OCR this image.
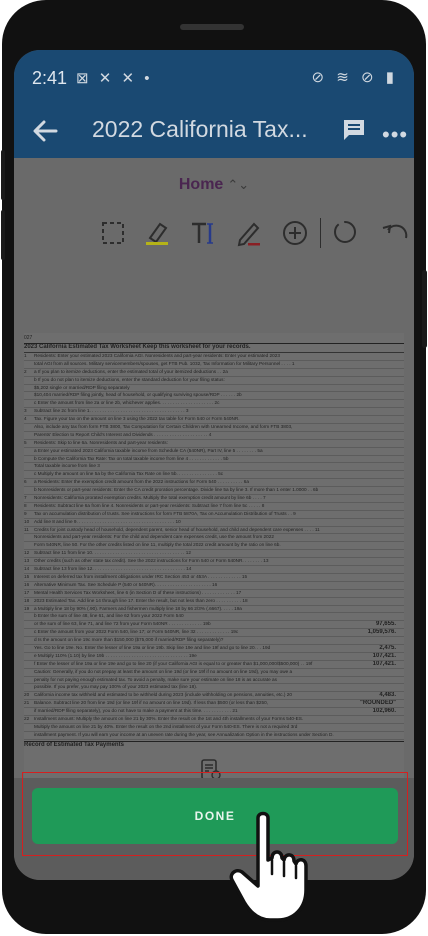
2:41 ⊠ ✕ ✕ •	⊘ ≋ ⊘ ▮
2022 California Tax...	•••
Home ⌃⌄
027
2023 California Estimated Tax Worksheet Keep this worksheet for your records.
1 Residents: Enter your estimated 2023 California AGI. Nonresidents and part-year residents: Enter your estimated 2023
total AGI from all sources. Military servicemembers/spouses, get FTB Pub. 1032, Tax Information for Military Personnel . . . . 1
2 a If you plan to itemize deductions, enter the estimated total of your itemized deductions . . 2a
b If you do not plan to itemize deductions, enter the standard deduction for your filing status:
$5,202 single or married/RDP filing separately
$10,404 married/RDP filing jointly, head of household, or qualifying surviving spouse/RDP . . . . . . 2b
c Enter the amount from line 2a or line 2b, whichever applies. . . . . . . . . . . . . . . . . . . . . 2c
3 Subtract line 2c from line 1. . . . . . . . . . . . . . . . . . . . . . . . . . . . . . . . . . . . . 3
4 Tax. Figure your tax on the amount on line 3 using the 2022 tax table for Form 540 or Form 540NR.
Also, include any tax from form FTB 3800, Tax Computation for Certain Children with Unearned Income, and form FTB 3803,
Parents' Election to Report Child's Interest and Dividends . . . . . . . . . . . . . . . . . . . . . 4
5 Residents: Skip to line 6a. Nonresidents and part-year residents:
a Enter your estimated 2023 California taxable income from Schedule CA (540NR), Part IV, line 5 . . . . . . . . 5a
b Compute the California Tax Rate: Tax on total taxable income from line 4 . . . . . . . . . . . . . 5b
Total taxable income from line 3
c Multiply the amount on line 5a by the California Tax Rate on line 5b. . . . . . . . . . . . . . . . 5c
6 a Residents: Enter the exemption credit amount from the 2022 instructions for Form 540 . . . . . . . . . . 6a
b Nonresidents or part-year residents: Enter the CA credit proration percentage. Divide line 5a by line 3. If more than 1 enter 1.0000 . . 6b
7 Nonresidents: California prorated exemption credits. Multiply the total exemption credit amount by line 6b . . . . 7
8 Residents: Subtract line 6a from line 4. Nonresidents or part-year residents: Subtract line 7 from line 5c . . . . . 8
9 Tax on accumulation distribution of trusts. See instructions for form FTB 5870A, Tax on Accumulation Distribution of Trusts . . 9
10 Add line 8 and line 9. . . . . . . . . . . . . . . . . . . . . . . . . . . . . . . . . . . . . . 10
11 Credits for joint custody head of household, dependent parent, senior head of household, and child and dependent care expenses . . . . 11
Nonresidents and part-year residents: For the child and dependent care expenses credit, use the amount from 2022
Form 540NR, line 50. For the other credits listed on line 11, multiply the total 2022 credit amount by the ratio on line 6b.
12 Subtract line 11 from line 10. . . . . . . . . . . . . . . . . . . . . . . . . . . . . . . . . . . . 12
13 Other credits (such as other state tax credit). See the 2022 instructions for Form 540 or Form 540NR. . . . . . . . 13
14 Subtract line 13 from line 12. . . . . . . . . . . . . . . . . . . . . . . . . . . . . . . . . . . . 14
15 Interest on deferred tax from installment obligations under IRC Section 453 or 453A . . . . . . . . . . . . . 15
16 Alternative Minimum Tax. See Schedule P (540 or 540NR). . . . . . . . . . . . . . . . . . . . . . 16
17 Mental Health Services Tax Worksheet, line 6 (in Section D of these instructions) . . . . . . . . . . . . . 17
18 2023 Estimated Tax. Add line 14 through line 17. Enter the result, but not less than zero . . . . . . . . . . 18
19 a Multiply line 18 by 90% (.90). Farmers and fishermen multiply line 18 by 66 2/3% (.6667). . . . . 19a
b Enter the sum of line 48, line 61, and line 62 from your 2022 Form 540
or the sum of line 63, line 71, and line 72 from your Form 540NR . . . . . . . . . . . . . 19b	97,655.
c Enter the amount from your 2022 Form 540, line 17; or Form 540NR, line 32 . . . . . . . . . . . . . 19c	1,059,576.
d Is the amount on line 19c more than $150,000 ($75,000 if married/RDP filing separately)?
Yes. Go to line 19e. No. Enter the lesser of line 19a or line 19b. Skip line 19e and line 19f and go to line 20. . . 19d	2,475.
e Multiply 110% (1.10) by line 19b . . . . . . . . . . . . . . . . . . . . . . . . . . . . . . . . 19e	107,421.
f Enter the lesser of line 19a or line 19e and go to line 20 (if your California AGI is equal to or greater than $1,000,000/$500,000) . . 19f	107,421.
Caution: Generally, if you do not prepay at least the amount on line 19d (or line 19f if no amount on line 19d), you may owe a
penalty for not paying enough estimated tax. To avoid a penalty, make sure your estimate on line 18 is as accurate as
possible. If you prefer, you may pay 100% of your 2023 estimated tax (line 18).
20 California income tax withheld and estimated to be withheld during 2023 (include withholding on pensions, annuities, etc.) 20	4,483.
21 Balance. Subtract line 20 from line 19d (or line 19f if no amount on line 19d). If less than $500 (or less than $250,	"ROUNDED"
if married/RDP filing separately), you do not have to make a payment at this time. . . . . . . . . . . . 21	102,960.
22 Installment amount: Multiply the amount on line 21 by 30%. Enter the result on the 1st and 4th installments of your Forms 540-ES.
Multiply the amount on line 21 by 40%. Enter the result on the 2nd installment of your Form 540-ES. There is not a required 3rd
installment payment. If you will earn your income at an uneven rate during the year, see Annualization Option in the instructions under Section D.
Record of Estimated Tax Payments
DONE
